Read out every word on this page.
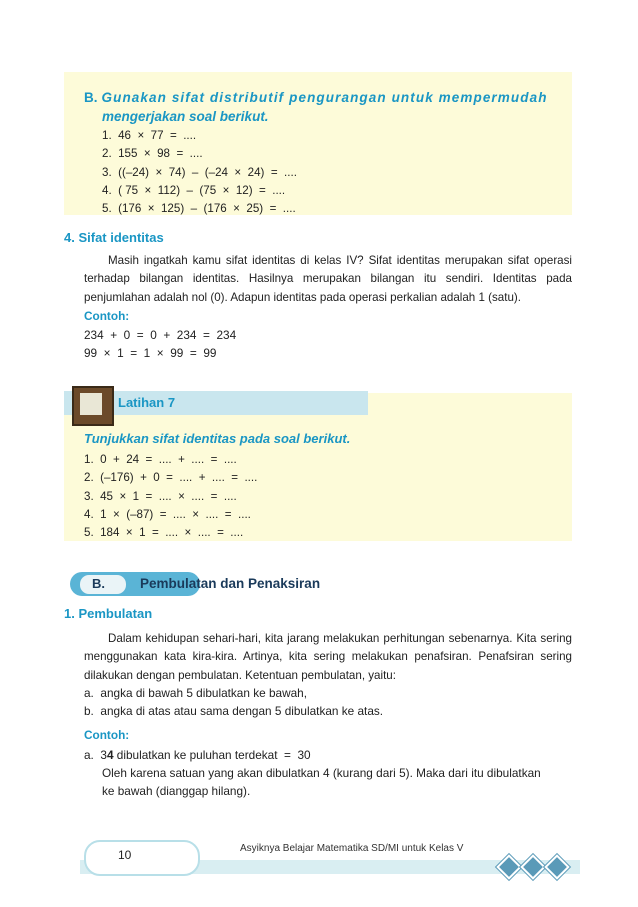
B. Gunakan sifat distributif pengurangan untuk mempermudah
mengerjakan soal berikut.
1.  46  ×  77  =  ....
2.  155  ×  98  =  ....
3.  ((–24)  ×  74)  –  (–24  ×  24)  =  ....
4.  ( 75  ×  112)  –  (75  ×  12)  =  ....
5.  (176  ×  125)  –  (176  ×  25)  =  ....
4. Sifat identitas
Masih ingatkah kamu sifat identitas di kelas IV? Sifat identitas merupakan sifat operasi terhadap bilangan identitas. Hasilnya merupakan bilangan itu sendiri. Identitas pada penjumlahan adalah nol (0). Adapun identitas pada operasi perkalian adalah 1 (satu).
Contoh:
234  +  0  =  0  +  234  =  234
99  ×  1  =  1  ×  99  =  99
Latihan 7
Tunjukkan sifat identitas pada soal berikut.
1.  0  +  24  =  ....  +  ....  =  ....
2.  (–176)  +  0  =  ....  +  ....  =  ....
3.  45  ×  1  =  ....  ×  ....  =  ....
4.  1  ×  (–87)  =  ....  ×  ....  =  ....
5.  184  ×  1  =  ....  ×  ....  =  ....
B.	Pembulatan dan Penaksiran
1. Pembulatan
Dalam kehidupan sehari-hari, kita jarang melakukan perhitungan sebenarnya. Kita sering menggunakan kata kira-kira. Artinya, kita sering melakukan penafsiran. Penafsiran sering dilakukan dengan pembulatan. Ketentuan pembulatan, yaitu:
a.  angka di bawah 5 dibulatkan ke bawah,
b.  angka di atas atau sama dengan 5 dibulatkan ke atas.
Contoh:
a.  34 dibulatkan ke puluhan terdekat  =  30
Oleh karena satuan yang akan dibulatkan 4 (kurang dari 5). Maka dari itu dibulatkan
ke bawah (dianggap hilang).
10	Asyiknya Belajar Matematika SD/MI untuk Kelas V
